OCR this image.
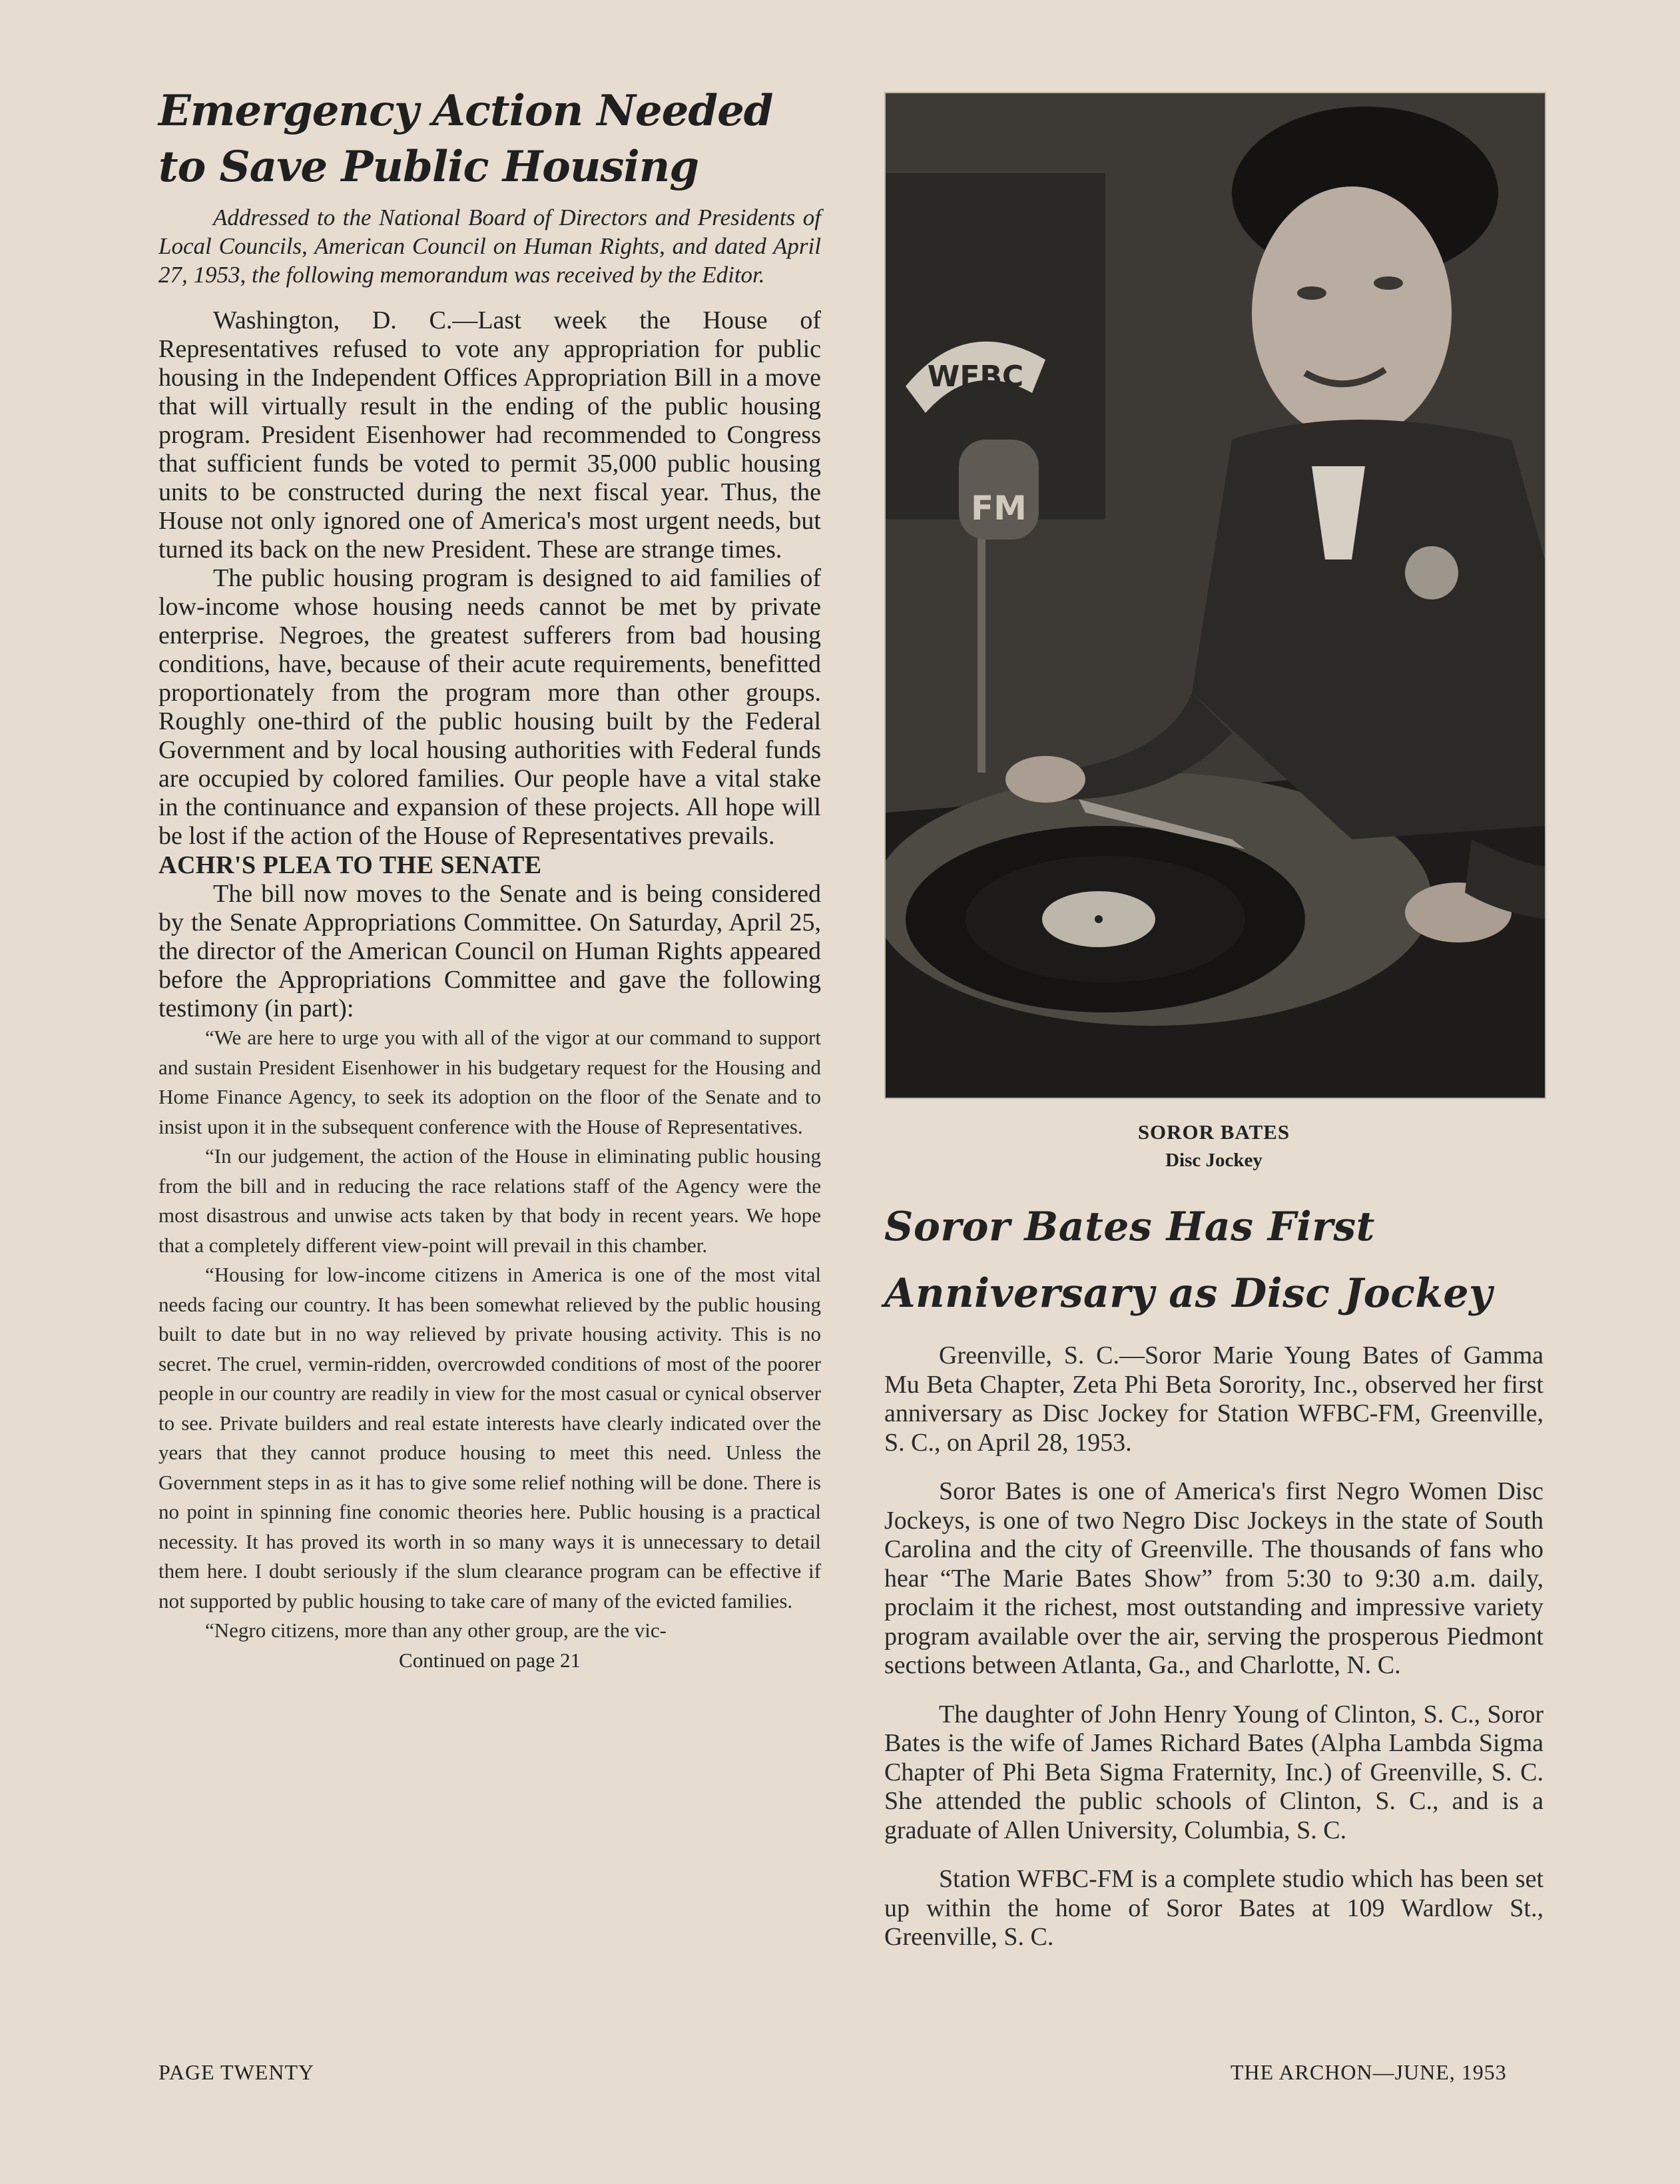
Emergency Action Needed
to Save Public Housing

Addressed to the National Board of Directors and Presidents of Local Councils, American Council on Human Rights, and dated April 27, 1953, the following memorandum was received by the Editor.

Washington, D. C.—Last week the House of Representatives refused to vote any appropriation for public housing in the Independent Offices Appropriation Bill in a move that will virtually result in the ending of the public housing program. President Eisenhower had recommended to Congress that sufficient funds be voted to permit 35,000 public housing units to be constructed during the next fiscal year. Thus, the House not only ignored one of America's most urgent needs, but turned its back on the new President. These are strange times.

The public housing program is designed to aid families of low-income whose housing needs cannot be met by private enterprise. Negroes, the greatest sufferers from bad housing conditions, have, because of their acute requirements, benefitted proportionately from the program more than other groups. Roughly one-third of the public housing built by the Federal Government and by local housing authorities with Federal funds are occupied by colored families. Our people have a vital stake in the continuance and expansion of these projects. All hope will be lost if the action of the House of Representatives prevails.

ACHR'S PLEA TO THE SENATE

The bill now moves to the Senate and is being considered by the Senate Appropriations Committee. On Saturday, April 25, the director of the American Council on Human Rights appeared before the Appropriations Committee and gave the following testimony (in part):

“We are here to urge you with all of the vigor at our command to support and sustain President Eisenhower in his budgetary request for the Housing and Home Finance Agency, to seek its adoption on the floor of the Senate and to insist upon it in the subsequent conference with the House of Representatives.

“In our judgement, the action of the House in eliminating public housing from the bill and in reducing the race relations staff of the Agency were the most disastrous and unwise acts taken by that body in recent years. We hope that a completely different view-point will prevail in this chamber.

“Housing for low-income citizens in America is one of the most vital needs facing our country. It has been somewhat relieved by the public housing built to date but in no way relieved by private housing activity. This is no secret. The cruel, vermin-ridden, overcrowded conditions of most of the poorer people in our country are readily in view for the most casual or cynical observer to see. Private builders and real estate interests have clearly indicated over the years that they cannot produce housing to meet this need. Unless the Government steps in as it has to give some relief nothing will be done. There is no point in spinning fine conomic theories here. Public housing is a practical necessity. It has proved its worth in so many ways it is unnecessary to detail them here. I doubt seriously if the slum clearance program can be effective if not supported by public housing to take care of many of the evicted families.

“Negro citizens, more than any other group, are the vic-

Continued on page 21

WFBC
FM
SOROR BATES
Disc Jockey
Soror Bates Has First
Anniversary as Disc Jockey

Greenville, S. C.—Soror Marie Young Bates of Gamma Mu Beta Chapter, Zeta Phi Beta Sorority, Inc., observed her first anniversary as Disc Jockey for Station WFBC-FM, Greenville, S. C., on April 28, 1953.

Soror Bates is one of America's first Negro Women Disc Jockeys, is one of two Negro Disc Jockeys in the state of South Carolina and the city of Greenville. The thousands of fans who hear “The Marie Bates Show” from 5:30 to 9:30 a.m. daily, proclaim it the richest, most outstanding and impressive variety program available over the air, serving the prosperous Piedmont sections between Atlanta, Ga., and Charlotte, N. C.

The daughter of John Henry Young of Clinton, S. C., Soror Bates is the wife of James Richard Bates (Alpha Lambda Sigma Chapter of Phi Beta Sigma Fraternity, Inc.) of Greenville, S. C. She attended the public schools of Clinton, S. C., and is a graduate of Allen University, Columbia, S. C.

Station WFBC-FM is a complete studio which has been set up within the home of Soror Bates at 109 Wardlow St., Greenville, S. C.

PAGE TWENTY	THE ARCHON—JUNE, 1953
